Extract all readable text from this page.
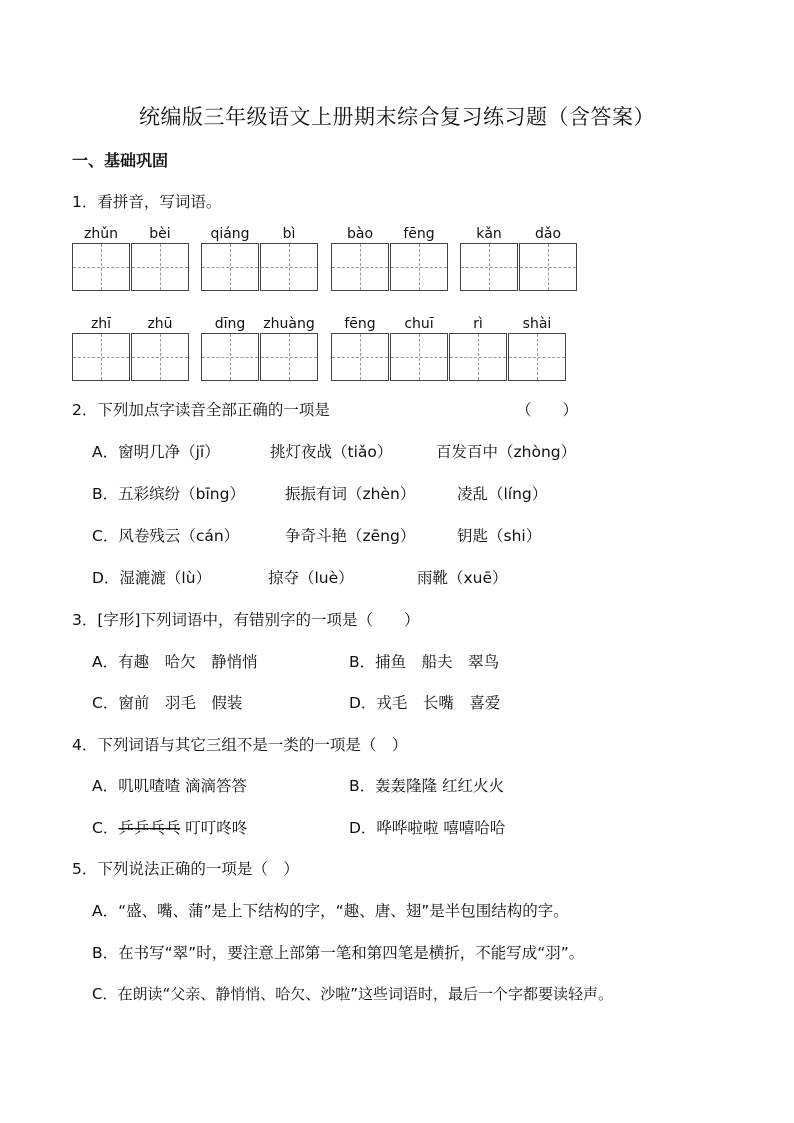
统编版三年级语文上册期末综合复习练习题（含答案）
一、基础巩固
1．看拼音，写词语。
zhǔn	bèi	qiáng	bì	bào	fēng	kǎn	dǎo
zhī	zhū	dīng	zhuàng	fēng	chuī	rì	shài
2．下列加点字读音全部正确的一项是	（　　）
A．窗明几净（jī）	挑灯夜战（tiǎo）	百发百中（zhòng）
B．五彩缤纷（bīng）	振振有词（zhèn）	凌乱（líng）
C．风卷残云（cán）	争奇斗艳（zēng）	钥匙（shi）
D．湿漉漉（lù）	掠夺（luè）	雨靴（xuē）
3．[字形]下列词语中，有错别字的一项是（　　）
A．有趣　哈欠　静悄悄	B．捕鱼　船夫　翠鸟
C．窗前　羽毛　假装	D．戎毛　长嘴　喜爱
4．下列词语与其它三组不是一类的一项是（　）
A．叽叽喳喳 滴滴答答	B．轰轰隆隆 红红火火
C．乒乒乓乓 叮叮咚咚	D．哗哗啦啦 嘻嘻哈哈
5．下列说法正确的一项是（　）
A．“盛、嘴、蒲”是上下结构的字，“趣、唐、翅”是半包围结构的字。
B．在书写“翠”时，要注意上部第一笔和第四笔是横折，不能写成“羽”。
C．在朗读“父亲、静悄悄、哈欠、沙啦”这些词语时，最后一个字都要读轻声。
